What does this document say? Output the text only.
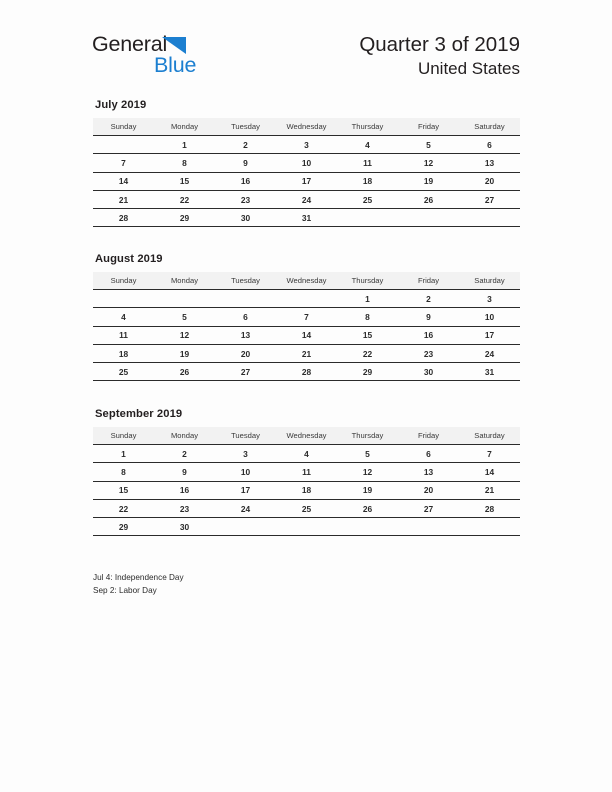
General
Blue
Quarter 3 of 2019
United States
July 2019
Sunday	Monday	Tuesday	Wednesday	Thursday	Friday	Saturday
	1	2	3	4	5	6
7	8	9	10	11	12	13
14	15	16	17	18	19	20
21	22	23	24	25	26	27
28	29	30	31			
August 2019
Sunday	Monday	Tuesday	Wednesday	Thursday	Friday	Saturday
				1	2	3
4	5	6	7	8	9	10
11	12	13	14	15	16	17
18	19	20	21	22	23	24
25	26	27	28	29	30	31
September 2019
Sunday	Monday	Tuesday	Wednesday	Thursday	Friday	Saturday
1	2	3	4	5	6	7
8	9	10	11	12	13	14
15	16	17	18	19	20	21
22	23	24	25	26	27	28
29	30					
Jul 4: Independence Day
Sep 2: Labor Day
